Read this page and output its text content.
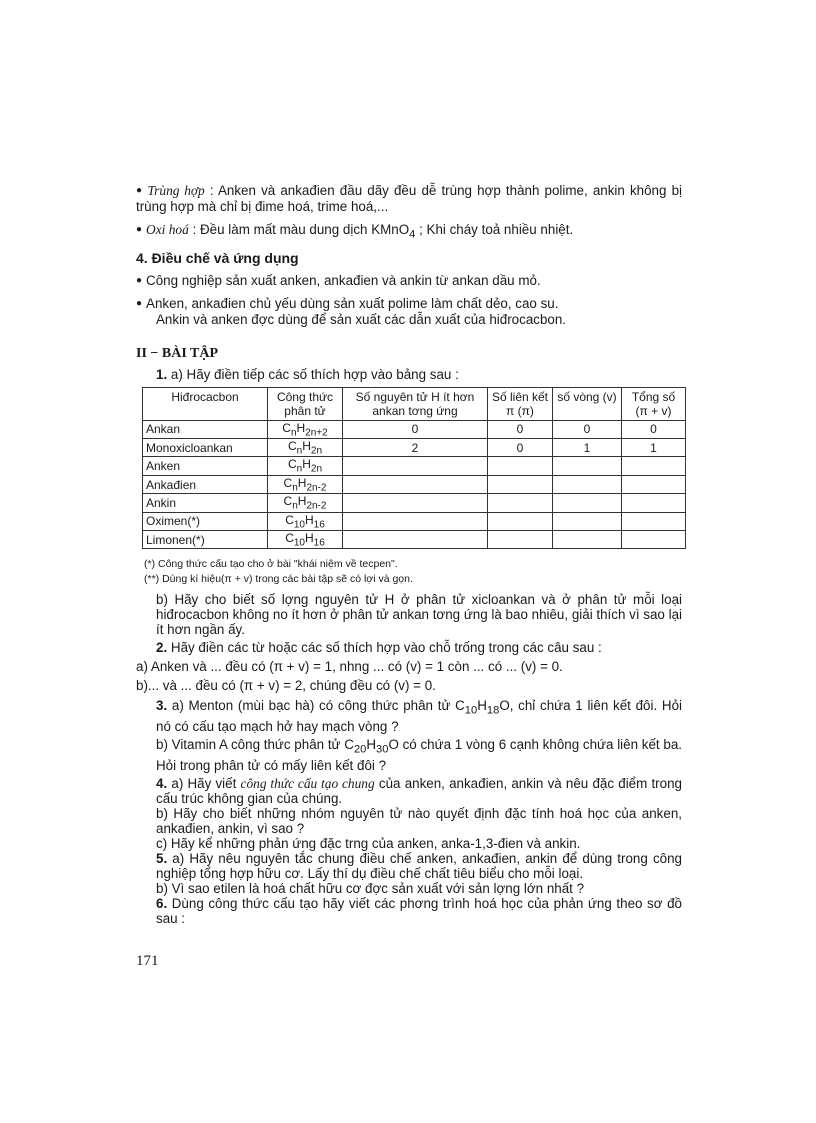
● Trùng hợp : Anken và ankađien đầu dãy đều dễ trùng hợp thành polime, ankin không bị trùng hợp mà chỉ bị đime hoá, trime hoá,...

● Oxi hoá : Đều làm mất màu dung dịch KMnO$_4$ ; Khi cháy toả nhiều nhiệt.

4. Điều chế và ứng dụng

● Công nghiệp sản xuất anken, ankađien và ankin từ ankan dầu mỏ.

● Anken, ankađien chủ yếu dùng sản xuất polime làm chất dẻo, cao su.

Ankin và anken đợc dùng để sản xuất các dẫn xuất của hiđrocacbon.

II − BÀI TẬP

1. a) Hãy điền tiếp các số thích hợp vào bảng sau :

Hiđrocacbon	Công thức phân tử	Số nguyên tử H ít hơn ankan tơng ứng	Số liên kết π (π)	số vòng (v)	Tổng số (π + v)
Ankan	$C_nH_{2n+2}$	0	0	0	0
Monoxicloankan	$C_nH_{2n}$	2	0	1	1
Anken	$C_nH_{2n}$				
Ankađien	$C_nH_{2n-2}$				
Ankin	$C_nH_{2n-2}$				
Oximen(*)	$C_{10}H_{16}$				
Limonen(*)	$C_{10}H_{16}$				

(*) Công thức cấu tạo cho ở bài "khái niệm về tecpen".

(**) Dùng kí hiệu(π + v) trong các bài tập sẽ có lợi và gọn.

b) Hãy cho biết số lợng nguyên tử H ở phân tử xicloankan và ở phân tử mỗi loại hiđrocacbon không no ít hơn ở phân tử ankan tơng ứng là bao nhiêu, giải thích vì sao lại ít hơn ngần ấy.

2. Hãy điền các từ hoặc các số thích hợp vào chỗ trống trong các câu sau :

a) Anken và ... đều có (π + v) = 1, nhng ... có (v) = 1 còn ... có ... (v) = 0.

b)... và ... đều có (π + v) = 2, chúng đều có (v) = 0.

3. a) Menton (mùi bạc hà) có công thức phân tử $C_{10}H_{18}O$, chỉ chứa 1 liên kết đôi. Hỏi nó có cấu tạo mạch hở hay mạch vòng ?

b) Vitamin A công thức phân tử $C_{20}H_{30}O$ có chứa 1 vòng 6 cạnh không chứa liên kết ba. Hỏi trong phân tử có mấy liên kết đôi ?

4. a) Hãy viết công thức cấu tạo chung của anken, ankađien, ankin và nêu đặc điểm trong cấu trúc không gian của chúng.

b) Hãy cho biết những nhóm nguyên tử nào quyết định đặc tính hoá học của anken, ankađien, ankin, vì sao ?

c) Hãy kể những phản ứng đặc trng của anken, anka-1,3-đien và ankin.

5. a) Hãy nêu nguyên tắc chung điều chế anken, ankađien, ankin để dùng trong công nghiệp tổng hợp hữu cơ. Lấy thí dụ điều chế chất tiêu biểu cho mỗi loại.

b) Vì sao etilen là hoá chất hữu cơ đợc sản xuất với sản lợng lớn nhất ?

6. Dùng công thức cấu tạo hãy viết các phơng trình hoá học của phản ứng theo sơ đồ sau :

171
